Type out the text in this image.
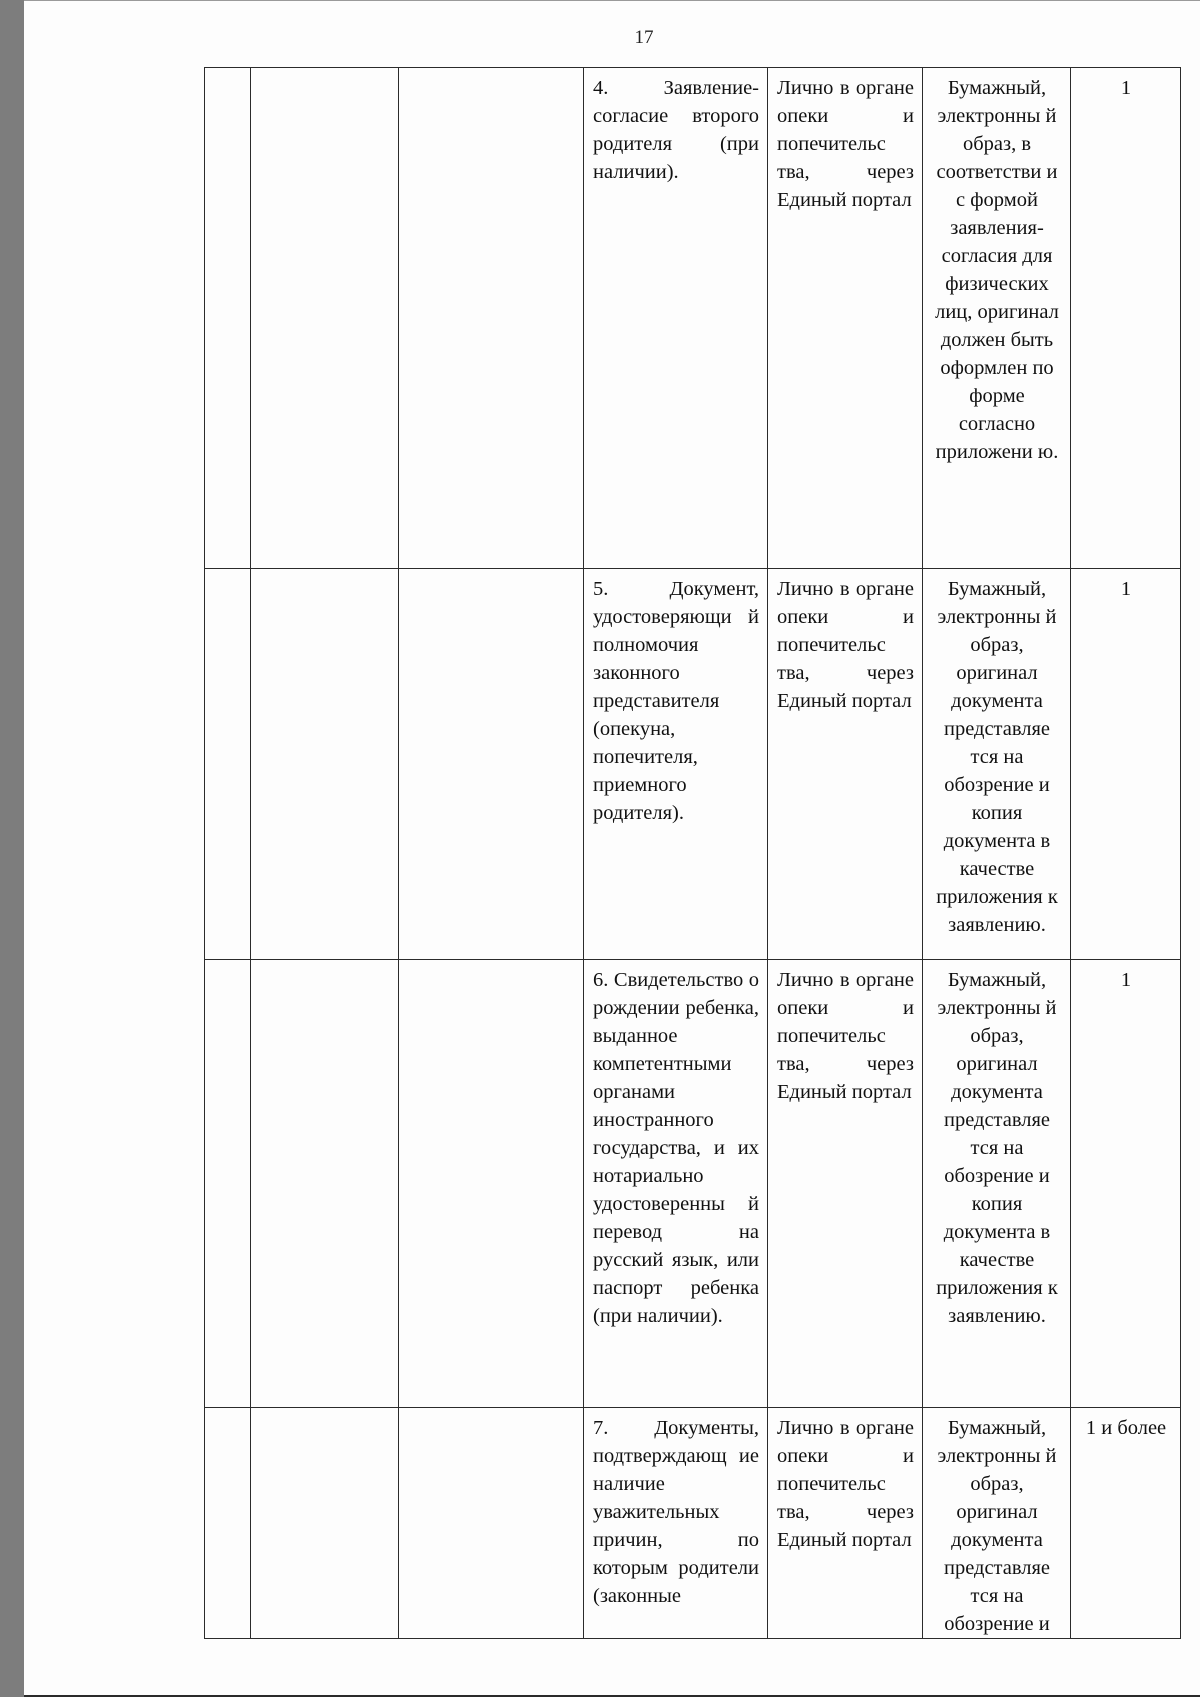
17
			4. Заявление-согласие второго родителя (при наличии).	Лично в органе опеки и попечительс тва, через Единый портал	Бумажный, электронны й образ, в соответстви и с формой заявления-согласия для физических лиц, оригинал должен быть оформлен по форме согласно приложени ю.	1
			5. Документ, удостоверяющи й полномочия законного представителя (опекуна, попечителя, приемного родителя).	Лично в органе опеки и попечительс тва, через Единый портал	Бумажный, электронны й образ, оригинал документа представляе тся на обозрение и копия документа в качестве приложения к заявлению.	1
			6. Свидетельство о рождении ребенка, выданное компетентными органами иностранного государства, и их нотариально удостоверенны й перевод на русский язык, или паспорт ребенка (при наличии).	Лично в органе опеки и попечительс тва, через Единый портал	Бумажный, электронны й образ, оригинал документа представляе тся на обозрение и копия документа в качестве приложения к заявлению.	1
			7. Документы, подтверждающ ие наличие уважительных причин, по которым родители (законные	Лично в органе опеки и попечительс тва, через Единый портал	Бумажный, электронны й образ, оригинал документа представляе тся на обозрение и	1 и более
